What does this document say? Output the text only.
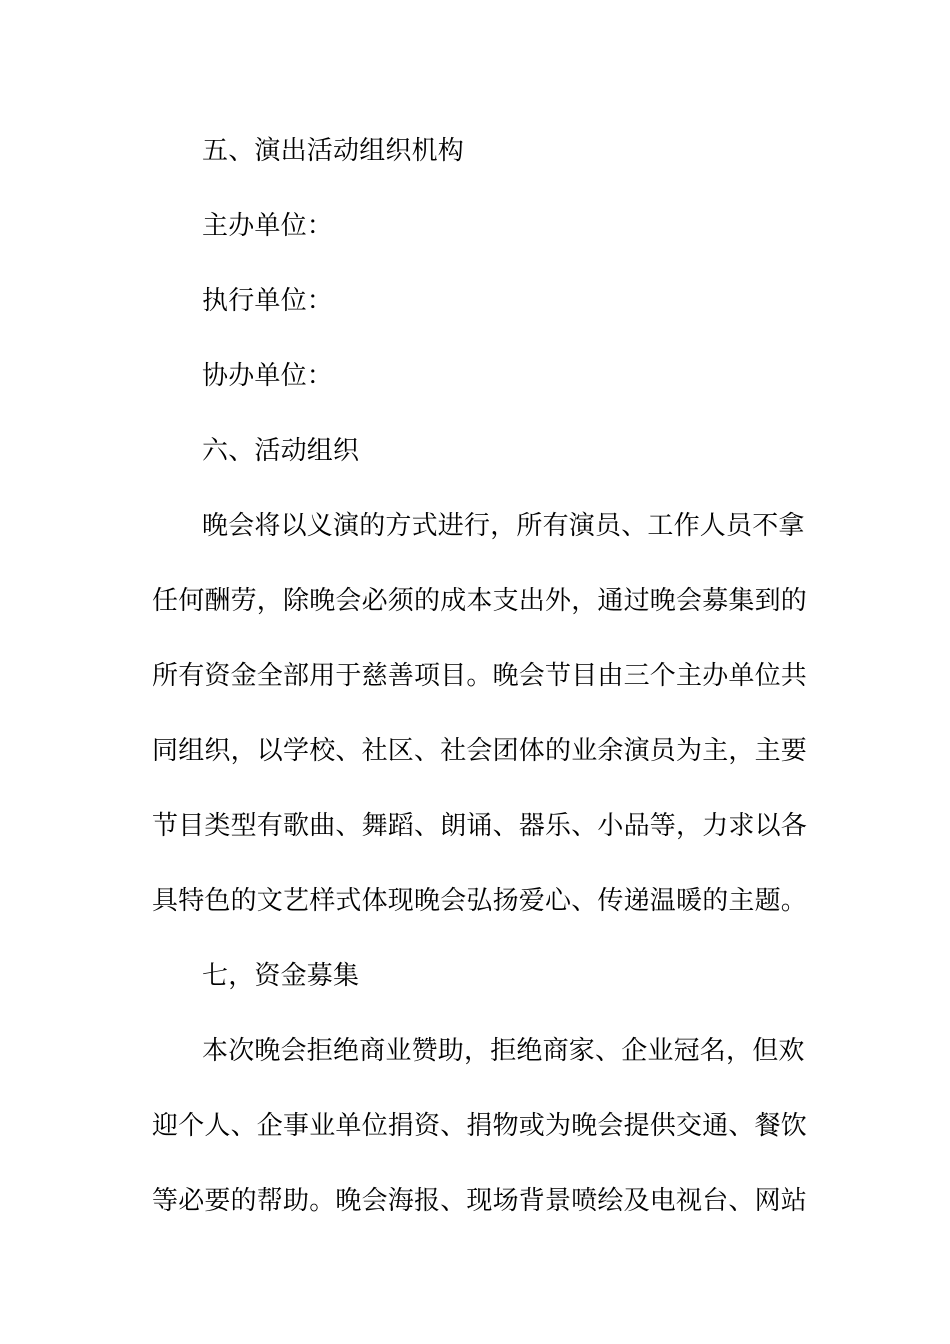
五、演出活动组织机构
主办单位：
执行单位：
协办单位：
六、活动组织
晚会将以义演的方式进行，所有演员、工作人员不拿
任何酬劳，除晚会必须的成本支出外，通过晚会募集到的
所有资金全部用于慈善项目。晚会节目由三个主办单位共
同组织，以学校、社区、社会团体的业余演员为主，主要
节目类型有歌曲、舞蹈、朗诵、器乐、小品等，力求以各
具特色的文艺样式体现晚会弘扬爱心、传递温暖的主题。
七，资金募集
本次晚会拒绝商业赞助，拒绝商家、企业冠名，但欢
迎个人、企事业单位捐资、捐物或为晚会提供交通、餐饮
等必要的帮助。晚会海报、现场背景喷绘及电视台、网站
